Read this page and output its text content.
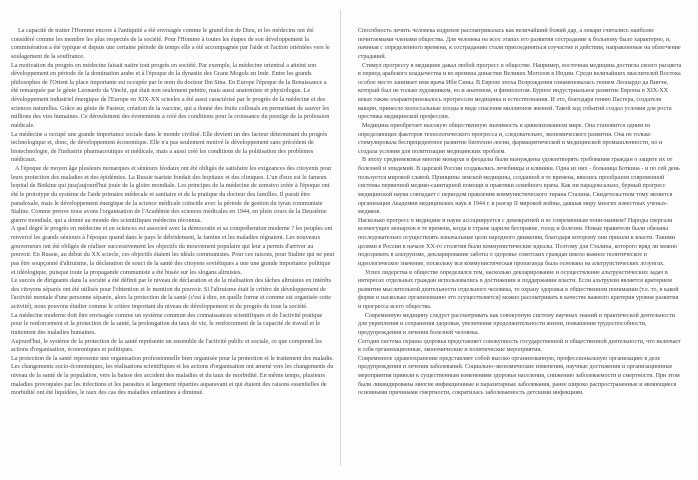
La capacité de traiter l'Homme encore à l'antiquité a été envisagée comme le grand don de Dieu, et les médecins ont été considéré comme les membre les plus respectés de la société. Pour l'Homme à toutes les étapes de son développement la commisération a été typique et depuis une certaine période de temps elle a été accompagnée par l'aide et l'action oriéntées vers le soulagement de la souffrance.

La motivation du progrès en médecine faisait naitre tout progrès en société. Par exemple, la médecine orientral a atteint son développement en période de la domination arabe et à l'époque de la dynastie des Grans Mogols en Inde. Entre les grands philosophes de l'Orient la place importante est occupée par le nom du docteur Ibn Sina. En Europe l'époque de la Renaissance a été remarquée par le génie Leonardo da Vinchi, qui était non seulement peintre, mais aussi anatomiste et physiologue. Le développement industriel énergique de l'Europe en XIX-XX scieeles a été aussi caractérisé par le progrès de la médecine et des sciences naturelles. Grâce au génie de Pasteur, création de la vaccine, qui a donné des fruits collosals en permettant de sauver les millions des vies humaines. Ce déroulement des évenements a créé des conditions pour la croissance du prestige de la profession médicale.

La médecine a occupé une grande importance sociale dans le monde civilisé. Elle devient un des facteur déterminant du progrès technologique et, donc, de développement économique. Elle n'a pas seulement motivé le développement sans précédent de biotechnologie, de l'industrie pharmaceutique et médicale, mais a aussi créé les conditions de la politisation des problèmes médicaux.

A l'époque de moyen âge plusieurs monarques et séniours féodaux ont été obligés de satisfaire les exigeances des citoyents pour leurs protection des maladies et des épidémies. La Russie tsariste fondait des hopitaux et des cliniques. L'un d'eux est le fameux hopital de Botkine qui jusq'aujourd'hui jouie de la gloire mondiale. Les principes de la médecine de zemstvo créée à l'époque ont été le prototype du système de l'aide primaire médecale et sanitaire et de la pratique du docteur des familles. Il parait être paradoxale, mais le développement énergique de la science médicale coïncide avec la période de gestion du tyran communiste Staline. Comme preuve nous avons l'organisation de l'Académie des sciences médicales en 1944, en plein cours de la Deusième guerre mondiale, qui a donné au monde des scientifiques médecins réconnus.

A quel dégré le progrès en médecine et en sciences est associeé avec la démocratie et sa compréhention moderne ? les peuples ont renvercé les grands séniours à l'époque quand dans le pays le débridement, la famine et les maladies régnaient. Les nouveaux gouverneurs ont été obligés de réaliser successivement les objectifs du mouvement populaire qui leur a permis d'arriver au pouvoir. En Russie, au début du XX sciecle, ces objectifs étaient les idéals communistes. Pour ces raisons, pour Staline qui ne peut pas être soupçonné d'altruisme, la déclaration de souci de la santé des citoyens soviétiques a une une grande importance politique et idéologique, puisque toute la propagande communiste a été busée sur les slogans altruistes.

Le succés de dirigeants dans la société a été définit par le niveau de déclaration et de la réalisation des tâches altruistes en intérêts des citoyens séparés ont été utilisés pour l'obtention et le mention du pouvoir. Si l'altruisme était le critère de développement de l'activité mentale d'une personne séparée, alors la protection de la santé (c'est à dire, en quelle forme et comme est organisée cette activité), nous pouvons étudier comme le critère important du niveau de développement et du progrès de toue la société.

La médecine moderne doit être envisagée comme un système commun des connaissances scientifiques et de l'activité pratique pour le renforcement et la protection de la santé, la prolongation du taux de vie, le renforcement de la capacité de travail et le traitement des maladies humaines.

Aujourd'hui, le système de la protection de la santé représente un ensemble de l'activité public et sociale, ce que comprend les actions d'organisation, économiques et politiques.

La protection de la santé represente une organisation professionnelle bien organisée pour la protection et le traitement des maladie. Les changements socio-économiques, les réalisations scientifiques et les actions d'organisation ont amené vers les changements du niveau de la santé de la population, vers la baisse des accident des maladies et du taux de morbidité. En même temps, plusieurs maladies provoquées par les infections et les parasites si largement réparties auparavant et qui étaient des raisons essentielles de morbidité ont été liquidées, le taux des cas des maladies enfantines a diminué.

Способность лечить человека издревле рассматривалась как величайший божий дар, а лекари считались наиболее почитаемыми членами общества. Для человека на всех этапах его развития сострадание к больному было характерно, и, начиная с определенного времени, к состраданию стали присоединяться соучастие и действия, направленные на облегчение страданий.

Стимул прогрессу в медицине давал любой прогресс в обществе. Например, восточная медицина достигла своего расцвета в период арабского владычества и во времена династии Великих Моголов в Индии. Среди величайших мыслителей Востока особое место занимает имя врача Ибн Сины. В Европе эпоха Возрождения ознаменовалась гением Леонардо да Винчи, который был не только художником, но и анатомом, и физиологом. Бурное индустриальное развитие Европы в XIX-XX веках также охарактеризовалось прогрессом медицины и естествознания. И это, благодаря гению Пастера, создателя вакцин, принесло колоссальные плоды в виде спасения миллионов жизней. Такой ход событий создал условия для роста престижа медицинской профессии.

Медицина приобретает высокую общественную значимость в цивилизованном мире. Она становится одним из определяющих факторов технологического прогресса и, следовательно, экономического развития. Она не только стимулировала беспрецедентное развитие биотехно-логии, фармацевтической и медицинской промышленности, но и создала условия для политизации медицинских проблем.

В эпоху средневековья многие монархи и феодалы были вынуждены удовлетворять требования граждан о защите их от болезней и эпидемий. В царской России создавались лечебницы и клиники. Одна из них - больница Боткина - и по сей день пользуется мировой славой. Принципы земской медицины, созданной в те времена, явились прообразом современной системы первичной медико-санитарной помощи и практики семейного врача. Как ни парадоксально, бурный прогресс медицинской науки совпадает с периодом правления коммунистического тирана Сталина. Свидетельством тому является организация Академии медицинских наук в 1944 г. в разгар II мировой войны, давшая миру многих известных ученых-медиков.

Насколько прогресс в медицине и науке ассоциируется с демократией и ее современным пони-манием? Народы свергали всемогущих монархов в те времена, когда в стране царили бесправие, голод и болезни. Новые правители были обязаны последовательно осуществлять изначальные цели народного движения, благодаря которому они пришли к власти. Такими целями в России в начале XX-го столетия были коммунистические идеалы. Поэтому для Сталина, которого вряд ли можно подозревать в альтруизме, декларирование заботы о здоровье советских граждан имело важное политическое и идеологическое значение, поскольку вся коммунистическая пропаганда была основана на альтруистических лозунгах.

Успех лидерства в обществе определялся тем, насколько декларирование и осуществление альтруистических задач в интересах отдельных граждан использовались в достижении и поддержании власти. Если альтруизм является критерием развития мыслительной деятельности отдельного человека, то охрану здоровья в общественном понимании (т.е. то, в какой форме и насколько организованно это осуществляется) можно рассматривать в качестве важного критерия уровня развития и прогресса всего общества.

Современную медицину следует рассматривать как совокупную систему научных знаний и практической деятельности для укрепления и сохранения здоровья, увеличения продолжительности жизни, повышения трудоспособности, предупреждения и лечения болезней человека.

Сегодня система охраны здоровья представляет совокупность государственной и общественной деятельности, что включает в себя организационные, экономические и политические мероприятия.

Современное здравоохранение представляет собой высоко организованную, профессиональную организацию в деле предупреждения и лечения заболеваний. Социально-экономические изменения, научные достижения и организационные мероприятия привели к существенным изменениям здоровья населения, снижению заболеваемости и смертности. При этом были ликвидированы многие инфекционные и паразитарные заболевания, ранее широко распространенные и являющиеся основными причинами смертности, сократилась заболеваемость детскими инфекциям.
